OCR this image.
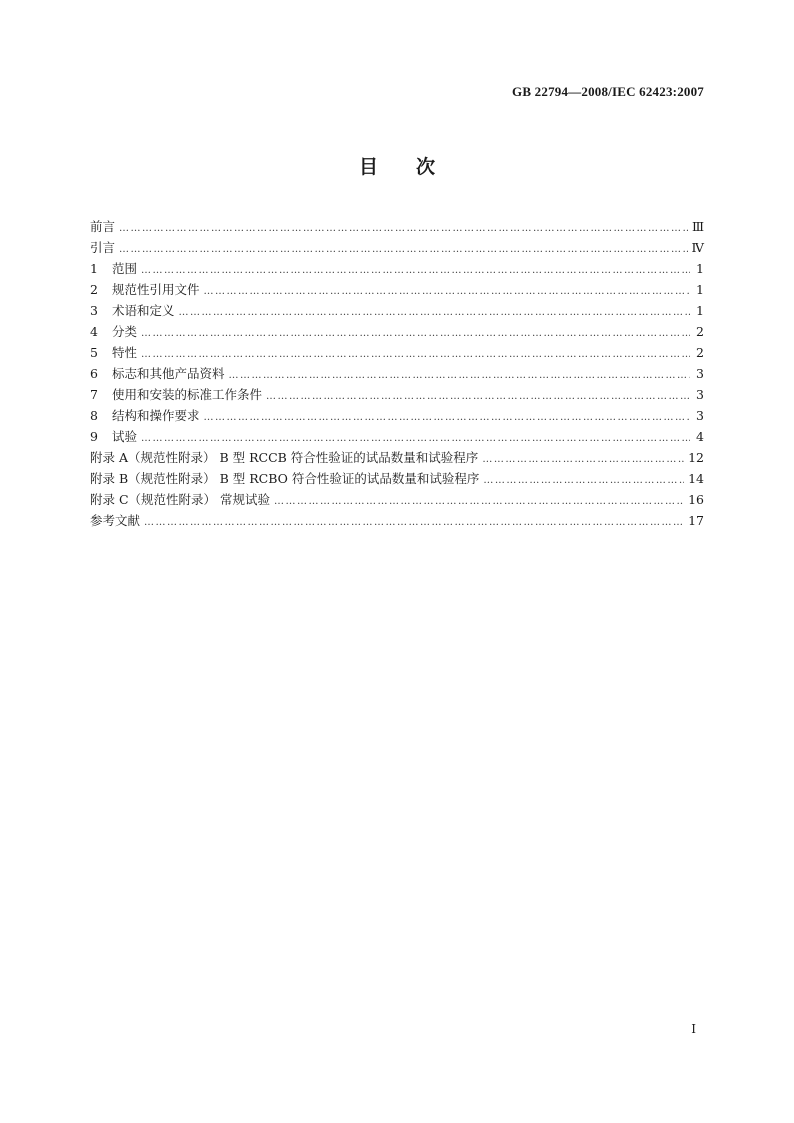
GB 22794—2008/IEC 62423:2007
目次
前言 ……………………………………………………………………………………………………………………………………………………………………………………………………………………………………	Ⅲ
引言 ……………………………………………………………………………………………………………………………………………………………………………………………………………………………………	Ⅳ
1 范围 ……………………………………………………………………………………………………………………………………………………………………………………………………………………………………	1
2 规范性引用文件 ……………………………………………………………………………………………………………………………………………………………………………………………………………………………………	1
3 术语和定义 ……………………………………………………………………………………………………………………………………………………………………………………………………………………………………	1
4 分类 ……………………………………………………………………………………………………………………………………………………………………………………………………………………………………	2
5 特性 ……………………………………………………………………………………………………………………………………………………………………………………………………………………………………	2
6 标志和其他产品资料 ……………………………………………………………………………………………………………………………………………………………………………………………………………………………………	3
7 使用和安装的标准工作条件 ……………………………………………………………………………………………………………………………………………………………………………………………………………………………………	3
8 结构和操作要求 ……………………………………………………………………………………………………………………………………………………………………………………………………………………………………	3
9 试验 ……………………………………………………………………………………………………………………………………………………………………………………………………………………………………	4
附录 A（规范性附录） B 型 RCCB 符合性验证的试品数量和试验程序 ……………………………………………………………………………………………………………………………………………………………………………………………………………………………………	12
附录 B（规范性附录） B 型 RCBO 符合性验证的试品数量和试验程序 ……………………………………………………………………………………………………………………………………………………………………………………………………………………………………	14
附录 C（规范性附录） 常规试验 ……………………………………………………………………………………………………………………………………………………………………………………………………………………………………	16
参考文献 ……………………………………………………………………………………………………………………………………………………………………………………………………………………………………	17
Ⅰ
